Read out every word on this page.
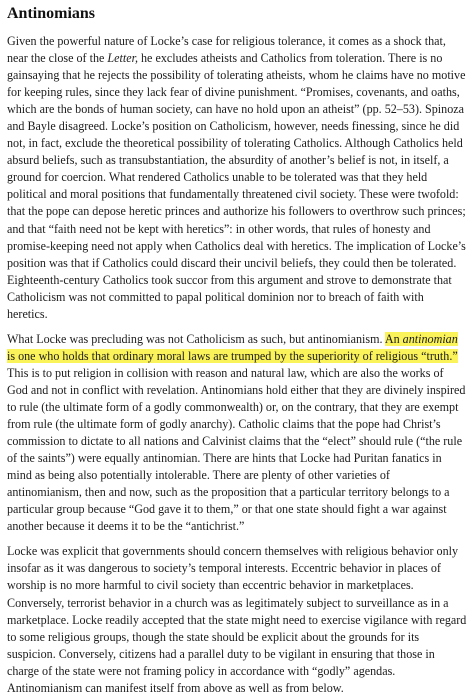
Antinomians

Given the powerful nature of Locke’s case for religious tolerance, it comes as a shock that, near the close of the Letter, he excludes atheists and Catholics from toleration. There is no gainsaying that he rejects the possibility of tolerating atheists, whom he claims have no motive for keeping rules, since they lack fear of divine punishment. “Promises, covenants, and oaths, which are the bonds of human society, can have no hold upon an atheist” (pp. 52–53). Spinoza and Bayle disagreed. Locke’s position on Catholicism, however, needs finessing, since he did not, in fact, exclude the theoretical possibility of tolerating Catholics. Although Catholics held absurd beliefs, such as transubstantiation, the absurdity of another’s belief is not, in itself, a ground for coercion. What rendered Catholics unable to be tolerated was that they held political and moral positions that fundamentally threatened civil society. These were twofold: that the pope can depose heretic princes and authorize his followers to overthrow such princes; and that “faith need not be kept with heretics”: in other words, that rules of honesty and promise-keeping need not apply when Catholics deal with heretics. The implication of Locke’s position was that if Catholics could discard their uncivil beliefs, they could then be tolerated. Eighteenth-century Catholics took succor from this argument and strove to demonstrate that Catholicism was not committed to papal political dominion nor to breach of faith with heretics.

What Locke was precluding was not Catholicism as such, but antinomianism. An antinomian is one who holds that ordinary moral laws are trumped by the superiority of religious “truth.” This is to put religion in collision with reason and natural law, which are also the works of God and not in conflict with revelation. Antinomians hold either that they are divinely inspired to rule (the ultimate form of a godly commonwealth) or, on the contrary, that they are exempt from rule (the ultimate form of godly anarchy). Catholic claims that the pope had Christ’s commission to dictate to all nations and Calvinist claims that the “elect” should rule (“the rule of the saints”) were equally antinomian. There are hints that Locke had Puritan fanatics in mind as being also potentially intolerable. There are plenty of other varieties of antinomianism, then and now, such as the proposition that a particular territory belongs to a particular group because “God gave it to them,” or that one state should fight a war against another because it deems it to be the “antichrist.”

Locke was explicit that governments should concern themselves with religious behavior only insofar as it was dangerous to society’s temporal interests. Eccentric behavior in places of worship is no more harmful to civil society than eccentric behavior in marketplaces. Conversely, terrorist behavior in a church was as legitimately subject to surveillance as in a marketplace. Locke readily accepted that the state might need to exercise vigilance with regard to some religious groups, though the state should be explicit about the grounds for its suspicion. Conversely, citizens had a parallel duty to be vigilant in ensuring that those in charge of the state were not framing policy in accordance with “godly” agendas. Antinomianism can manifest itself from above as well as from below.
